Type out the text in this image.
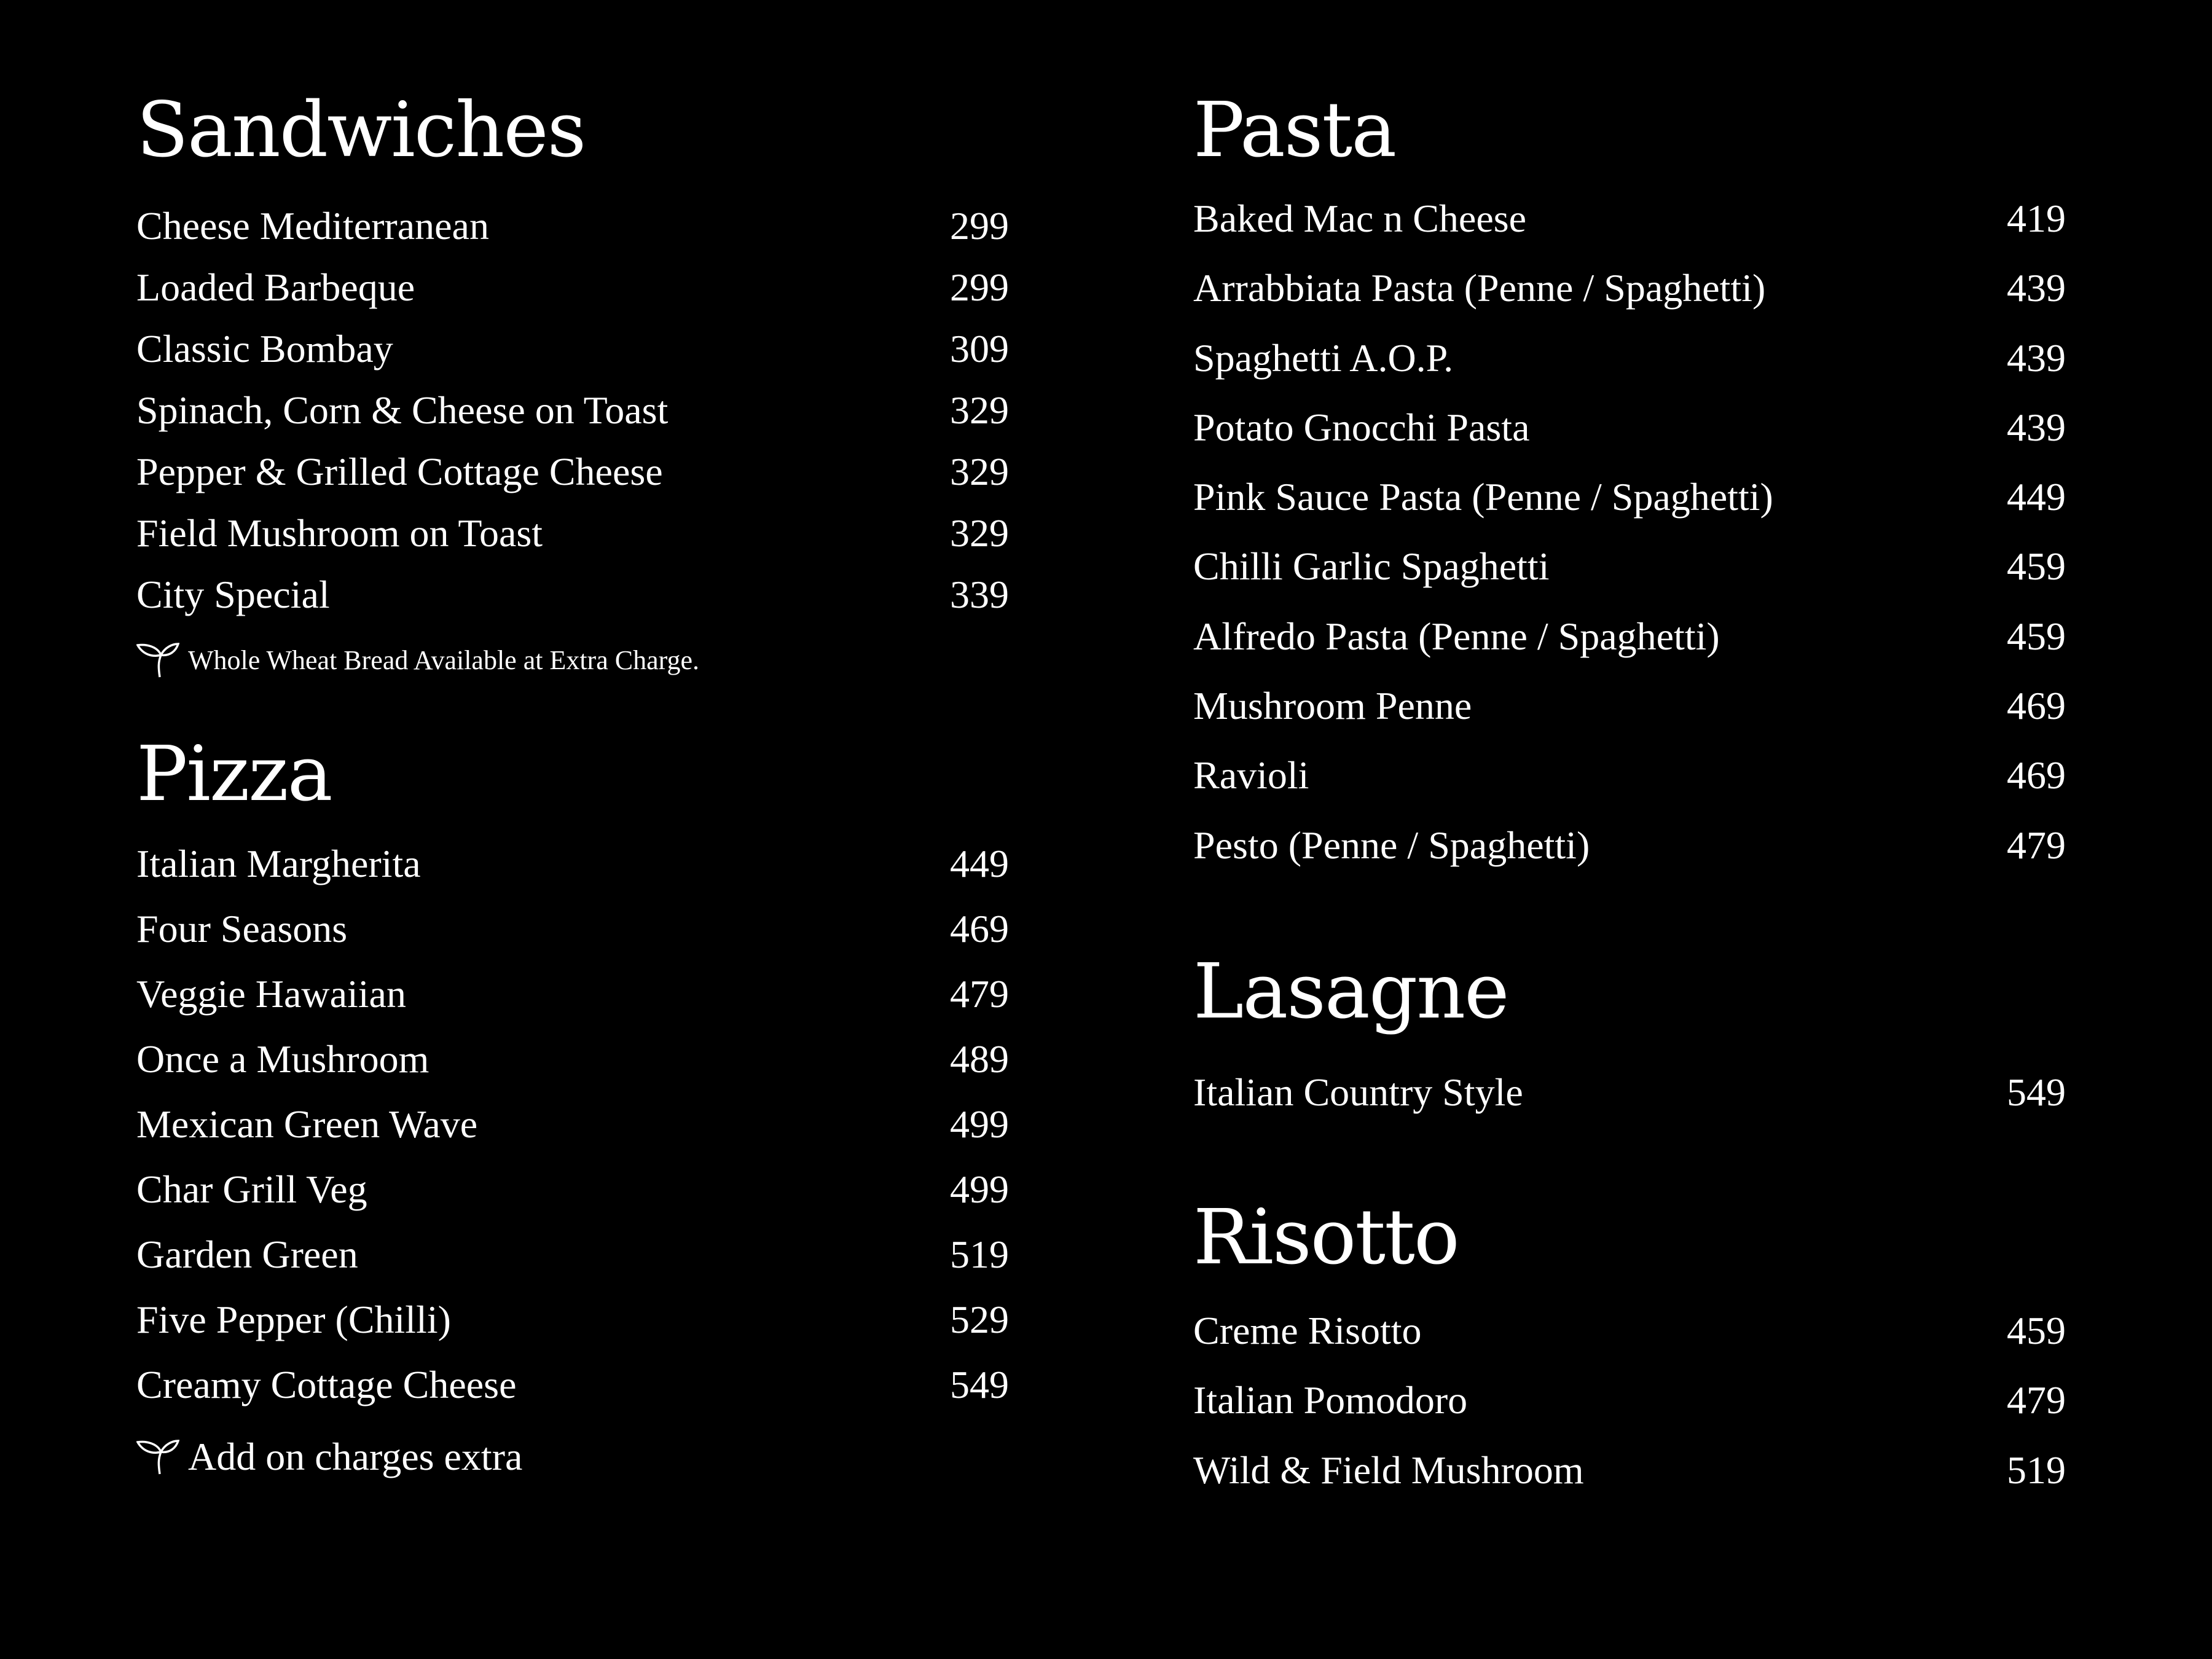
Sandwiches
Cheese Mediterranean	299
Loaded Barbeque	299
Classic Bombay	309
Spinach, Corn & Cheese on Toast	329
Pepper & Grilled Cottage Cheese	329
Field Mushroom on Toast	329
City Special	339
Whole Wheat Bread Available at Extra Charge.
Pizza
Italian Margherita	449
Four Seasons	469
Veggie Hawaiian	479
Once a Mushroom	489
Mexican Green Wave	499
Char Grill Veg	499
Garden Green	519
Five Pepper (Chilli)	529
Creamy Cottage Cheese	549
Add on charges extra
Pasta
Baked Mac n Cheese	419
Arrabbiata Pasta (Penne / Spaghetti)	439
Spaghetti A.O.P.	439
Potato Gnocchi Pasta	439
Pink Sauce Pasta (Penne / Spaghetti)	449
Chilli Garlic Spaghetti	459
Alfredo Pasta (Penne / Spaghetti)	459
Mushroom Penne	469
Ravioli	469
Pesto (Penne / Spaghetti)	479
Lasagne
Italian Country Style	549
Risotto
Creme Risotto	459
Italian Pomodoro	479
Wild & Field Mushroom	519
